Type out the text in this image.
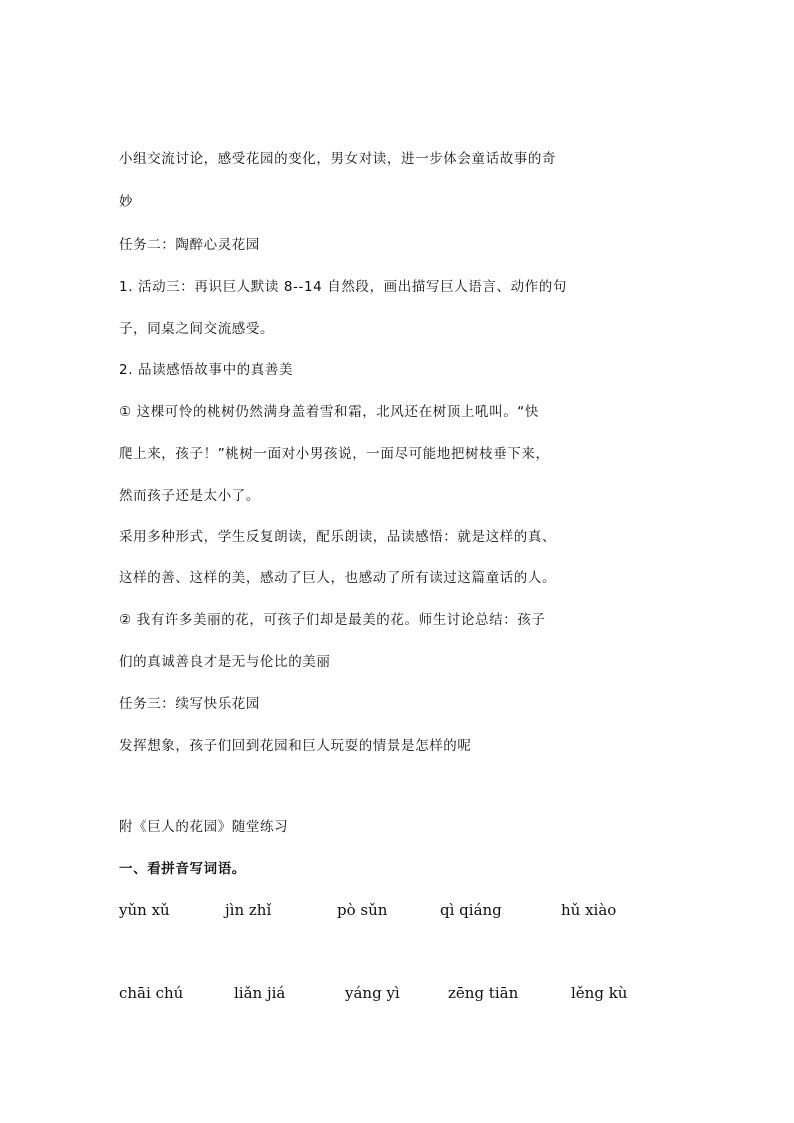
小组交流讨论，感受花园的变化，男女对读，进一步体会童话故事的奇
妙
任务二：陶醉心灵花园
1. 活动三：再识巨人默读 8--14 自然段，画出描写巨人语言、动作的句
子，同桌之间交流感受。
2. 品读感悟故事中的真善美
① 这棵可怜的桃树仍然满身盖着雪和霜，北风还在树顶上吼叫。“快
爬上来，孩子！”桃树一面对小男孩说，一面尽可能地把树枝垂下来，
然而孩子还是太小了。
采用多种形式，学生反复朗读，配乐朗读，品读感悟：就是这样的真、
这样的善、这样的美，感动了巨人，也感动了所有读过这篇童话的人。
② 我有许多美丽的花，可孩子们却是最美的花。师生讨论总结：孩子
们的真诚善良才是无与伦比的美丽
任务三：续写快乐花园
发挥想象，孩子们回到花园和巨人玩耍的情景是怎样的呢
附《巨人的花园》随堂练习
一、看拼音写词语。
yǔn xǔ	jìn zhǐ	pò sǔn	qì qiáng	hǔ xiào
chāi chú	liǎn jiá	yáng yì	zēng tiān	lěng kù
